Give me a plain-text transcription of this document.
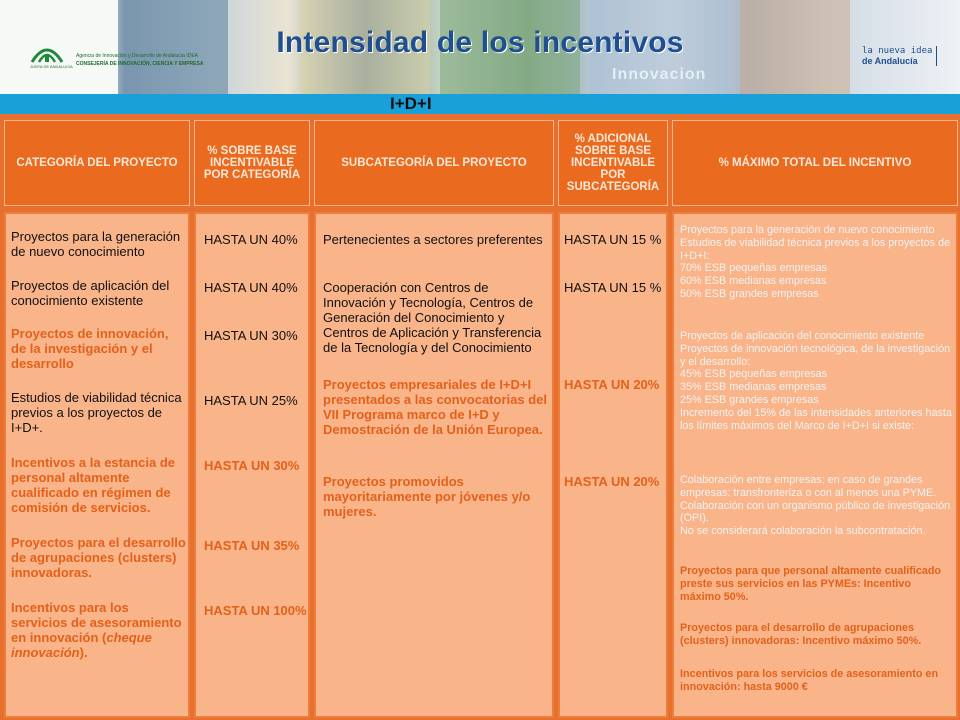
JUNTA DE ANDALUCIA
Agencia de Innovación y Desarrollo de Andalucía IDEA
CONSEJERÍA DE INNOVACIÓN, CIENCIA Y EMPRESA
Intensidad de los incentivos
Innovacion
la nueva idea
de Andalucía
I+D+I
CATEGORÍA DEL PROYECTO
% SOBRE BASE INCENTIVABLE POR CATEGORÍA
SUBCATEGORÍA DEL PROYECTO
% ADICIONAL SOBRE BASE INCENTIVABLE POR SUBCATEGORÍA
% MÁXIMO TOTAL DEL INCENTIVO
Proyectos para la generación de nuevo conocimiento
Proyectos de aplicación del conocimiento existente
Proyectos de innovación, de la investigación y el desarrollo
Estudios de viabilidad técnica previos a los proyectos de I+D+.
Incentivos a la estancia de personal altamente cualificado en régimen de comisión de servicios.
Proyectos para el desarrollo de agrupaciones (clusters) innovadoras.
Incentivos para los servicios de asesoramiento en innovación (cheque innovación).
HASTA UN 40%
HASTA UN 40%
HASTA UN 30%
HASTA UN 25%
HASTA UN 30%
HASTA UN 35%
HASTA UN 100%
Pertenecientes a sectores preferentes
Cooperación con Centros de Innovación y Tecnología, Centros de Generación del Conocimiento y Centros de Aplicación y Transferencia de la Tecnología y del Conocimiento
Proyectos empresariales de I+D+I presentados a las convocatorias del VII Programa marco de I+D y Demostración de la Unión Europea.
Proyectos promovidos mayoritariamente por jóvenes y/o mujeres.
HASTA UN 15 %
HASTA UN 15 %
HASTA UN 20%
HASTA UN 20%
Proyectos para la generación de nuevo conocimiento
Estudios de viabilidad técnica previos a los proyectos de I+D+I:
70% ESB pequeñas empresas
60% ESB medianas empresas
50% ESB grandes empresas
Proyectos de aplicación del conocimiento existente
Proyectos de innovación tecnológica, de la investigación y el desarrollo:
45% ESB pequeñas empresas
35% ESB medianas empresas
25% ESB grandes empresas
Incremento del 15% de las intensidades anteriores hasta los límites máximos del Marco de I+D+I si existe:
Colaboración entre empresas; en caso de grandes empresas: transfronteriza o con al menos una PYME.
Colaboración con un organismo público de investigación (OPI).
No se considerará colaboración la subcontratación.
Proyectos para que personal altamente cualificado preste sus servicios en las PYMEs: Incentivo máximo 50%.
Proyectos para el desarrollo de agrupaciones (clusters) innovadoras: Incentivo máximo 50%.
Incentivos para los servicios de asesoramiento en innovación: hasta 9000 €
